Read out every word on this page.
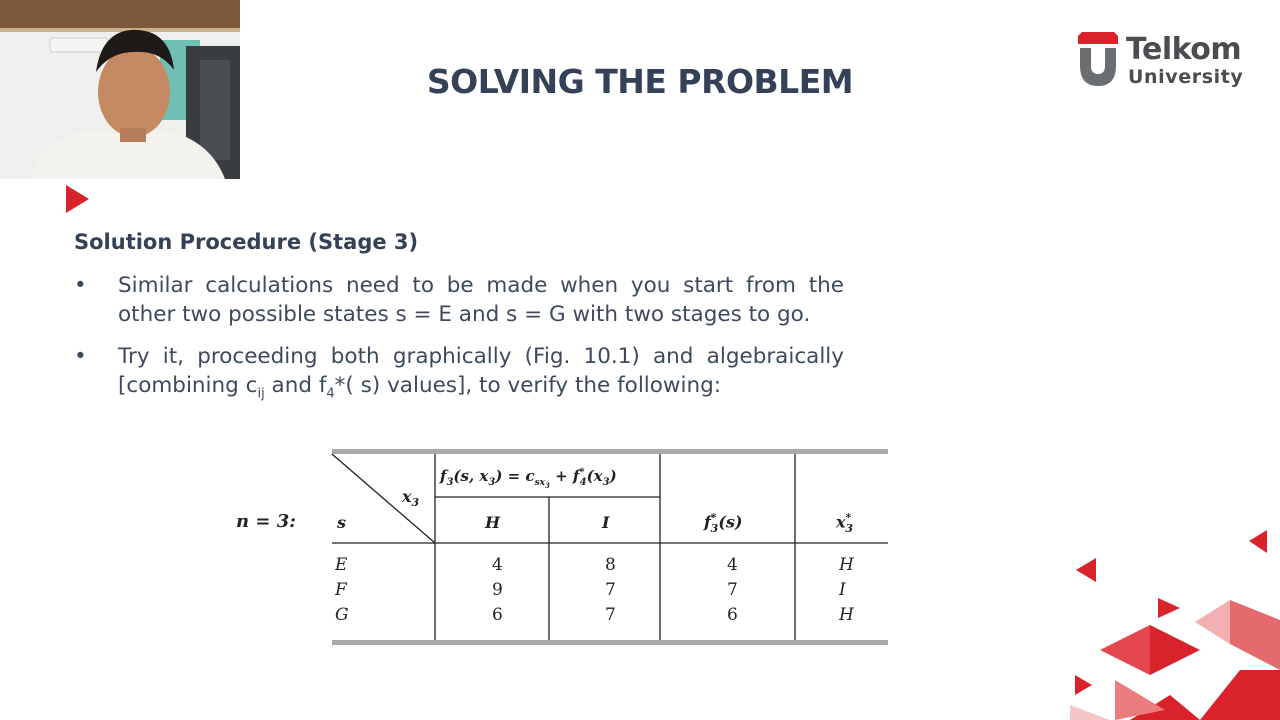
SOLVING THE PROBLEM
Telkom
University
Solution Procedure (Stage 3)
• Similar calculations need to be made when you start from the other two possible states s = E and s = G with two stages to go.
• Try it, proceeding both graphically (Fig. 10.1) and algebraically [combining $c_{ij}$ and $f_4*$( s) values], to verify the following:
n = 3:
$x_3$
s
$f_3(s$, $x_3) = c_{sx_3} + f^*_4(x_3)$
H	I	$f^*_3(s)$	$x^*_3$
E	4	8	4	H
F	9	7	7	I
G	6	7	6	H
